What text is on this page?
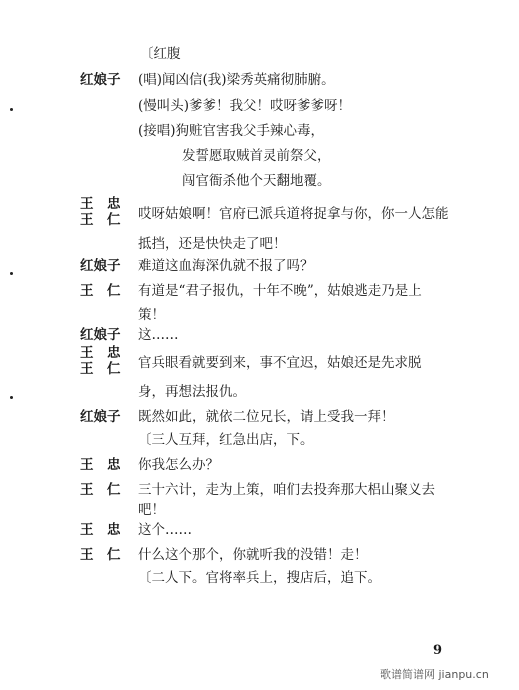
〔红腹
(唱)闻凶信(我)梁秀英痛彻肺腑。
(慢叫头)爹爹！我父！哎呀爹爹呀！
(接唱)狗赃官害我父手辣心毒，
发誓愿取贼首灵前祭父，
闯官衙杀他个天翻地覆。
哎呀姑娘啊！官府已派兵道将捉拿与你，你一人怎能
抵挡，还是快快走了吧！
难道这血海深仇就不报了吗？
有道是“君子报仇，十年不晚”，姑娘逃走乃是上
策！
这……
官兵眼看就要到来，事不宜迟，姑娘还是先求脱
身，再想法报仇。
既然如此，就依二位兄长，请上受我一拜！
〔三人互拜，红急出店，下。
你我怎么办？
三十六计，走为上策，咱们去投奔那大梠山聚义去
吧！
这个……
什么这个那个，你就听我的没错！走！
〔二人下。官将率兵上，搜店后，追下。
红娘子
王　忠
王　仁
红娘子
王　仁
红娘子
王　忠
王　仁
红娘子
王　忠
王　仁
王　忠
王　仁
9
歌谱简谱网 jianpu.cn
